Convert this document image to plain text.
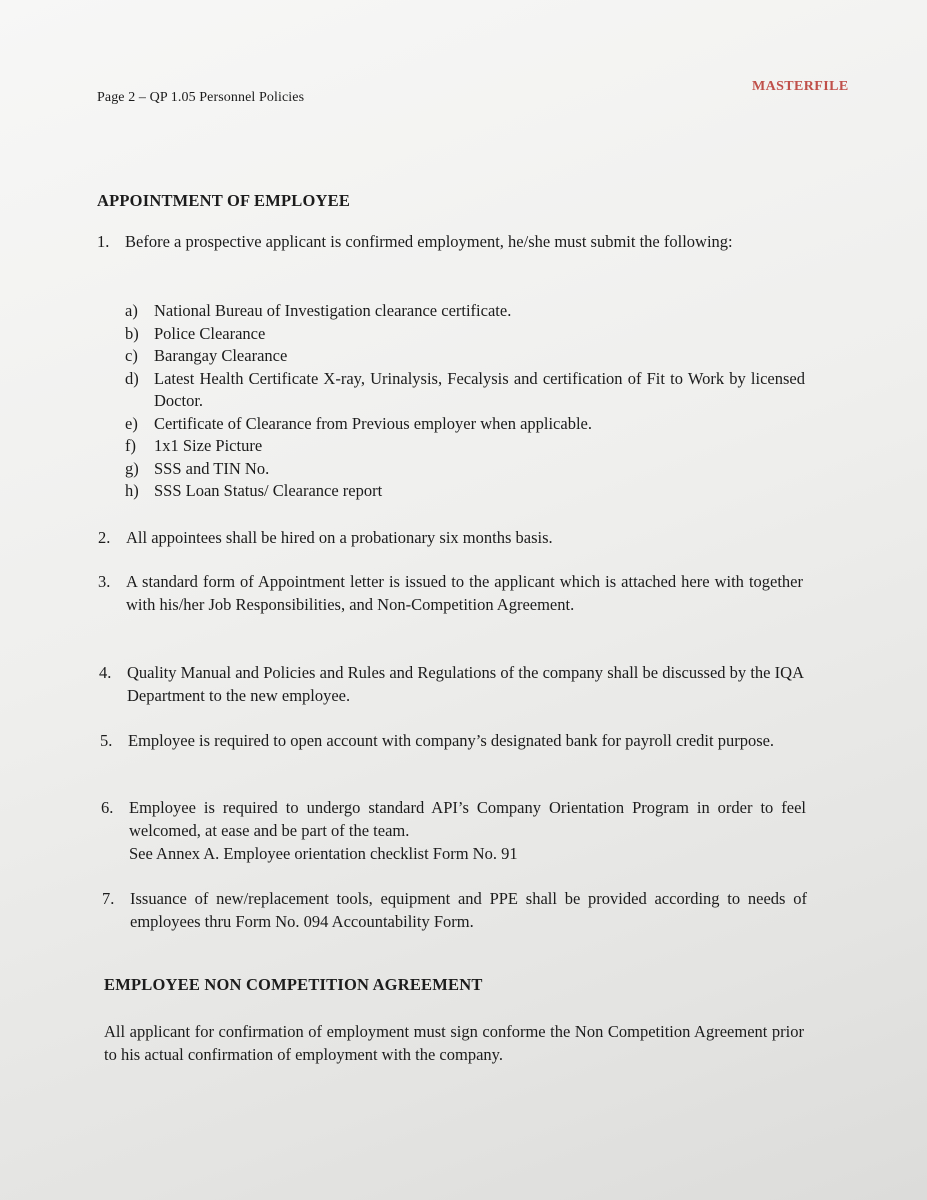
Page 2 – QP 1.05 Personnel Policies
MASTERFILE
APPOINTMENT OF EMPLOYEE
1. Before a prospective applicant is confirmed employment, he/she must submit the following:
a) National Bureau of Investigation clearance certificate.
b) Police Clearance
c) Barangay Clearance
d) Latest Health Certificate X-ray, Urinalysis, Fecalysis and certification of Fit to Work by licensed Doctor.
e) Certificate of Clearance from Previous employer when applicable.
f)	1x1 Size Picture
g) SSS and TIN No.
h) SSS Loan Status/ Clearance report
2. All appointees shall be hired on a probationary six months basis.
3. A standard form of Appointment letter is issued to the applicant which is attached here with together with his/her Job Responsibilities, and Non-Competition Agreement.
4. Quality Manual and Policies and Rules and Regulations of the company shall be discussed by the IQA Department to the new employee.
5. Employee is required to open account with company’s designated bank for payroll credit purpose.
6. Employee is required to undergo standard API’s Company Orientation Program in order to feel welcomed, at ease and be part of the team.
See Annex A. Employee orientation checklist Form No. 91
7. Issuance of new/replacement tools, equipment and PPE shall be provided according to needs of employees thru Form No. 094 Accountability Form.
EMPLOYEE NON COMPETITION AGREEMENT
All applicant for confirmation of employment must sign conforme the Non Competition Agreement prior to his actual confirmation of employment with the company.
